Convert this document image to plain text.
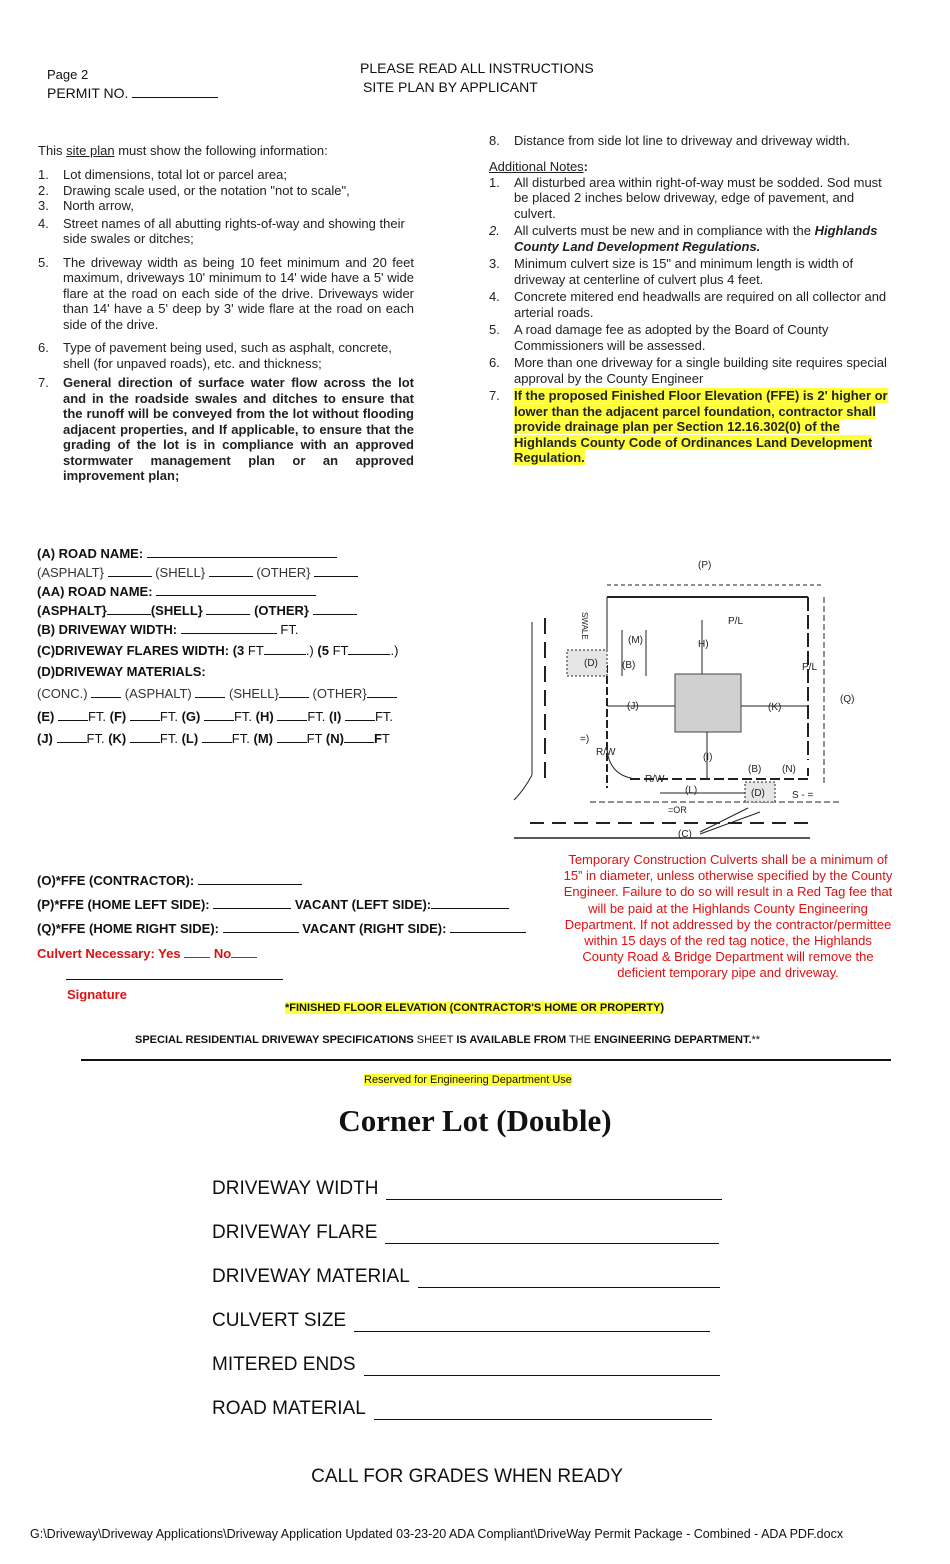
Page 2
PERMIT NO.
PLEASE READ ALL INSTRUCTIONS
SITE PLAN BY APPLICANT
This site plan must show the following information:
1.	Lot dimensions, total lot or parcel area;
2.	Drawing scale used, or the notation "not to scale",
3.	North arrow,
4.	Street names of all abutting rights-of-way and showing their side swales or ditches;
5.	The driveway width as being 10 feet minimum and 20 feet maximum, driveways 10' minimum to 14' wide have a 5' wide flare at the road on each side of the drive. Driveways wider than 14' have a 5' deep by 3' wide flare at the road on each side of the drive.
6.	Type of pavement being used, such as asphalt, concrete, shell (for unpaved roads), etc. and thickness;
7.	General direction of surface water flow across the lot and in the roadside swales and ditches to ensure that the runoff will be conveyed from the lot without flooding adjacent properties, and If applicable, to ensure that the grading of the lot is in compliance with an approved stormwater management plan or an approved improvement plan;
8.	Distance from side lot line to driveway and driveway width.
Additional Notes:
1.	All disturbed area within right-of-way must be sodded. Sod must be placed 2 inches below driveway, edge of pavement, and culvert.
2.	All culverts must be new and in compliance with the Highlands County Land Development Regulations.
3.	Minimum culvert size is 15" and minimum length is width of driveway at centerline of culvert plus 4 feet.
4.	Concrete mitered end headwalls are required on all collector and arterial roads.
5.	A road damage fee as adopted by the Board of County Commissioners will be assessed.
6.	More than one driveway for a single building site requires special approval by the County Engineer
7.	If the proposed Finished Floor Elevation (FFE) is 2' higher or lower than the adjacent parcel foundation, contractor shall provide drainage plan per Section 12.16.302(0) of the Highlands County Code of Ordinances Land Development Regulation.
(A) ROAD NAME:
(ASPHALT}	(SHELL}	(OTHER}
(AA) ROAD NAME:
(ASPHALT}	(SHELL}	(OTHER}
(B) DRIVEWAY WIDTH:	FT.
(C)DRIVEWAY FLARES WIDTH: (3 FT	.) (5 FT	.)
(D)DRIVEWAY MATERIALS:
(CONC.)	(ASPHALT)	(SHELL}	(OTHER}
(E)	FT. (F)	FT. (G)	FT. (H)	FT. (I)	FT.
(J)	FT. (K)	FT. (L)	FT. (M)	FT (N) FT
(P)
SWALE
(M)
(D) (B)
H)
P/L
P/L
(Q)
(J)	(K)
=)
R/W	(I)
R/W
(L)
(B) (N)
(D)	S - =
=OR
(C)
Temporary Construction Culverts shall be a minimum of 15” in diameter, unless otherwise specified by the County Engineer. Failure to do so will result in a Red Tag fee that will be paid at the Highlands County Engineering Department. If not addressed by the contractor/permittee within 15 days of the red tag notice, the Highlands County Road & Bridge Department will remove the deficient temporary pipe and driveway.
(O)*FFE (CONTRACTOR):
(P)*FFE (HOME LEFT SIDE):	VACANT (LEFT SIDE):
(Q)*FFE (HOME RIGHT SIDE):	VACANT (RIGHT SIDE):
Culvert Necessary: Yes	No
Signature
*FINISHED FLOOR ELEVATION (CONTRACTOR'S HOME OR PROPERTY)
SPECIAL RESIDENTIAL DRIVEWAY SPECIFICATIONS SHEET IS AVAILABLE FROM THE ENGINEERING DEPARTMENT.**
Reserved for Engineering Department Use
Corner Lot (Double)
DRIVEWAY WIDTH
DRIVEWAY FLARE
DRIVEWAY MATERIAL
CULVERT SIZE
MITERED ENDS
ROAD MATERIAL
CALL FOR GRADES WHEN READY
G:\Driveway\Driveway Applications\Driveway Application Updated 03-23-20 ADA Compliant\DriveWay Permit Package - Combined - ADA PDF.docx
